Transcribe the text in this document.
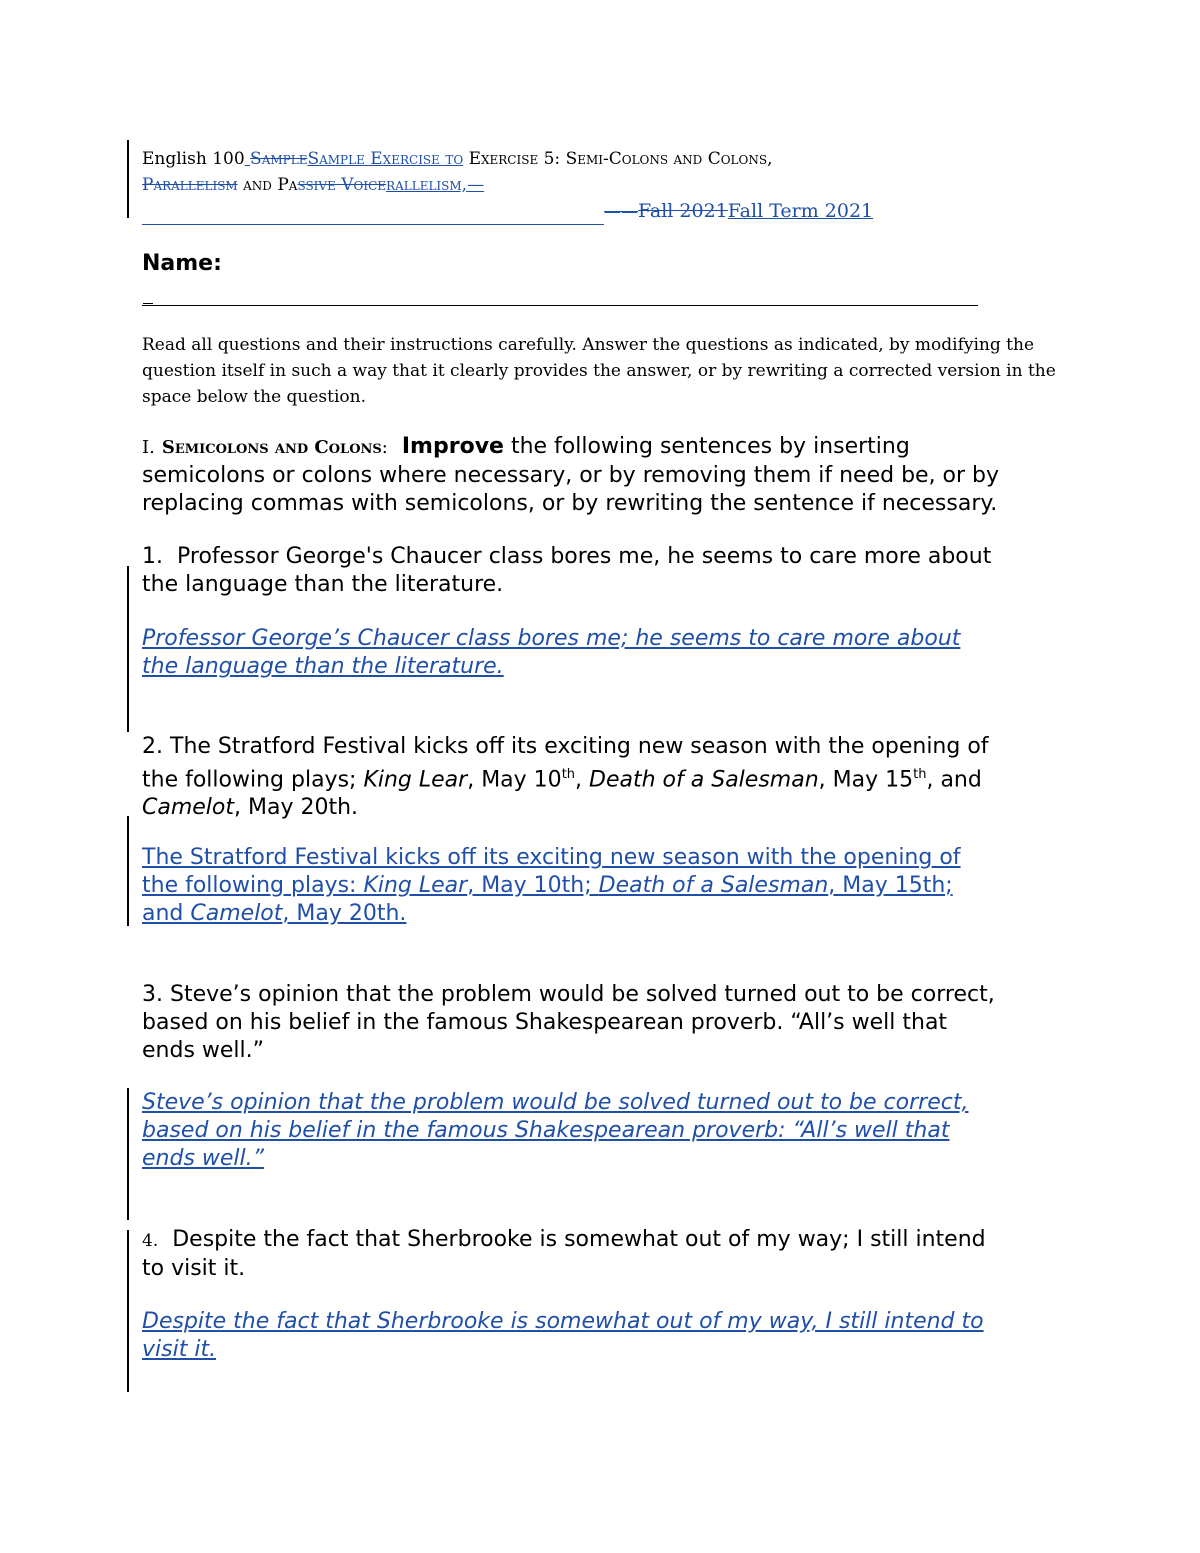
English 100 SampleSample Exercise to Exercise 5: Semi-Colons and Colons,
Parallelism and Passive Voicerallelism,—
——Fall 2021Fall Term 2021
Name:
Read all questions and their instructions carefully. Answer the questions as indicated, by modifying the question itself in such a way that it clearly provides the answer, or by rewriting a corrected version in the space below the question.
I. Semicolons and Colons: Improve the following sentences by inserting
semicolons or colons where necessary, or by removing them if need be, or by
replacing commas with semicolons, or by rewriting the sentence if necessary.
1. Professor George's Chaucer class bores me, he seems to care more about
the language than the literature.
Professor George’s Chaucer class bores me; he seems to care more about
the language than the literature.
2. The Stratford Festival kicks off its exciting new season with the opening of
the following plays; King Lear, May 10th, Death of a Salesman, May 15th, and
Camelot, May 20th.
The Stratford Festival kicks off its exciting new season with the opening of
the following plays: King Lear, May 10th; Death of a Salesman, May 15th;
and Camelot, May 20th.
3. Steve’s opinion that the problem would be solved turned out to be correct,
based on his belief in the famous Shakespearean proverb. “All’s well that
ends well.”
Steve’s opinion that the problem would be solved turned out to be correct,
based on his belief in the famous Shakespearean proverb: “All’s well that
ends well.”
4. Despite the fact that Sherbrooke is somewhat out of my way; I still intend
to visit it.
Despite the fact that Sherbrooke is somewhat out of my way, I still intend to
visit it.
